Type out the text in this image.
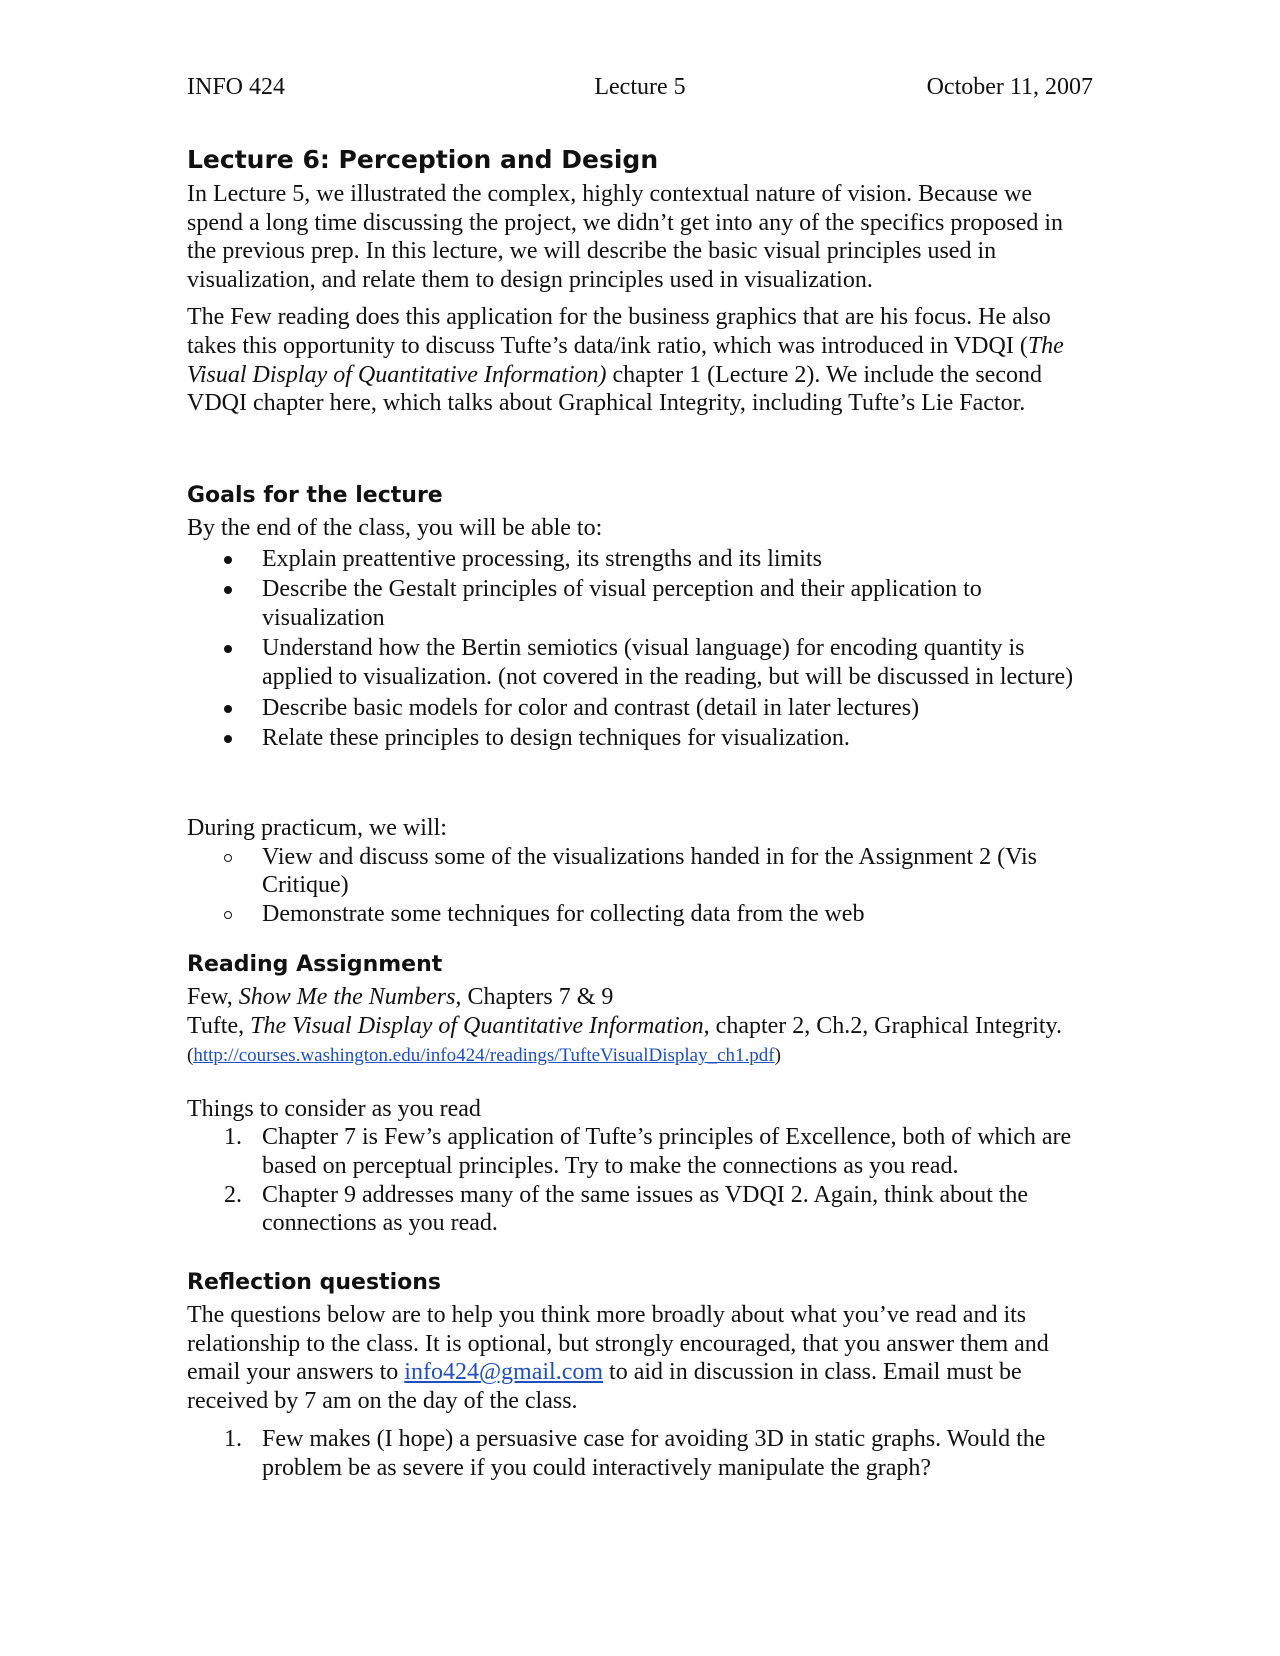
INFO 424	Lecture 5	October 11, 2007
Lecture 6: Perception and Design

In Lecture 5, we illustrated the complex, highly contextual nature of vision. Because we spend a long time discussing the project, we didn’t get into any of the specifics proposed in the previous prep. In this lecture, we will describe the basic visual principles used in visualization, and relate them to design principles used in visualization.

The Few reading does this application for the business graphics that are his focus. He also takes this opportunity to discuss Tufte’s data/ink ratio, which was introduced in VDQI (The Visual Display of Quantitative Information) chapter 1 (Lecture 2). We include the second VDQI chapter here, which talks about Graphical Integrity, including Tufte’s Lie Factor.

Goals for the lecture

By the end of the class, you will be able to:

Explain preattentive processing, its strengths and its limits
Describe the Gestalt principles of visual perception and their application to visualization
Understand how the Bertin semiotics (visual language) for encoding quantity is applied to visualization. (not covered in the reading, but will be discussed in lecture)
Describe basic models for color and contrast (detail in later lectures)
Relate these principles to design techniques for visualization.

During practicum, we will:

View and discuss some of the visualizations handed in for the Assignment 2 (Vis Critique)
Demonstrate some techniques for collecting data from the web
Reading Assignment

Few, Show Me the Numbers, Chapters 7 & 9

Tufte, The Visual Display of Quantitative Information, chapter 2, Ch.2, Graphical Integrity. (http://courses.washington.edu/info424/readings/TufteVisualDisplay_ch1.pdf)

Things to consider as you read

1. Chapter 7 is Few’s application of Tufte’s principles of Excellence, both of which are based on perceptual principles. Try to make the connections as you read.
2. Chapter 9 addresses many of the same issues as VDQI 2. Again, think about the connections as you read.
Reflection questions

The questions below are to help you think more broadly about what you’ve read and its relationship to the class. It is optional, but strongly encouraged, that you answer them and email your answers to info424@gmail.com to aid in discussion in class. Email must be received by 7 am on the day of the class.

1. Few makes (I hope) a persuasive case for avoiding 3D in static graphs. Would the problem be as severe if you could interactively manipulate the graph?
